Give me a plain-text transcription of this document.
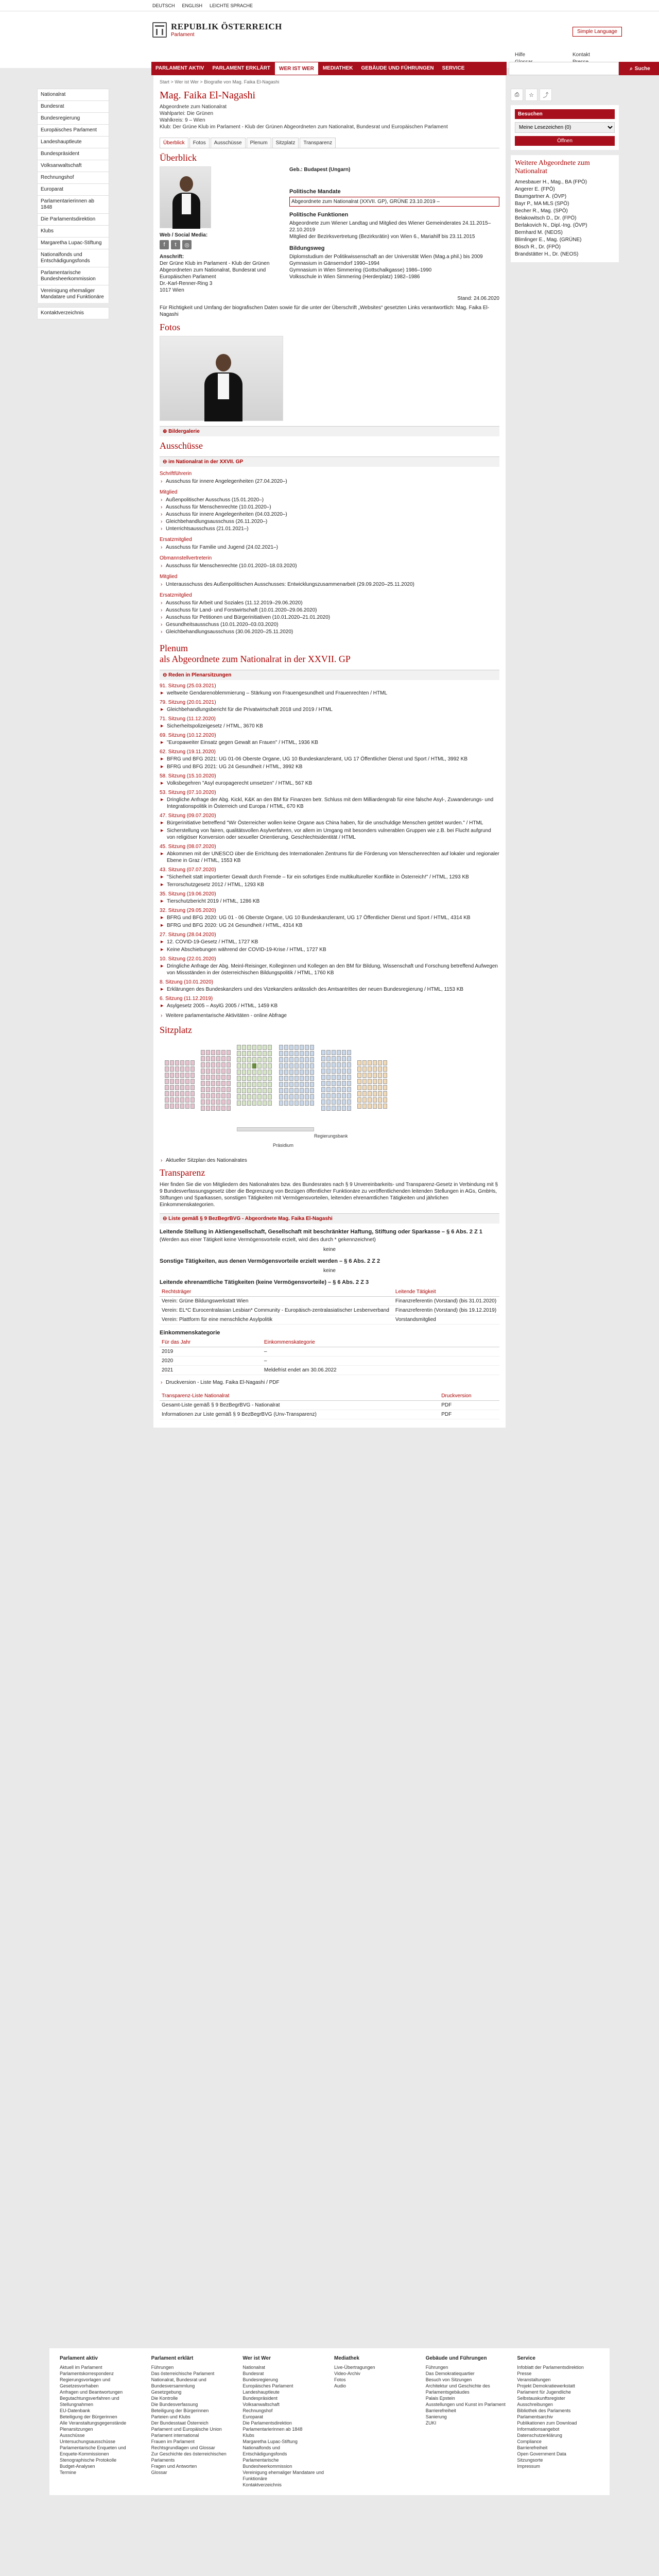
DEUTSCH ENGLISH LEICHTE SPRACHE
REPUBLIK ÖSTERREICH
Parlament
Simple Language
Hilfe	Kontakt
PARLAMENT AKTIV	PARLAMENT ERKLÄRT	WER IST WER	MEDIATHEK	GEBÄUDE UND FÜHRUNGEN	SERVICE	⌕ Suche
Nationalrat
Bundesrat
Bundesregierung
Europäisches Parlament
Landeshauptleute
Bundespräsident
Volksanwaltschaft
Rechnungshof
Europarat
Parlamentarierinnen ab 1848
Die Parlamentsdirektion
Klubs
Margaretha Lupac-Stiftung
Nationalfonds und Entschädigungsfonds
Parlamentarische Bundesheerkommission
Vereinigung ehemaliger Mandatare und Funktionäre
Kontaktverzeichnis
Start > Wer ist Wer > Biografie von Mag. Faika El-Nagashi
Mag. Faika El-Nagashi
Abgeordnete zum Nationalrat
Wahlpartei: Die Grünen
Wahlkreis: 9 – Wien
Klub: Der Grüne Klub im Parlament - Klub der Grünen Abgeordneten zum Nationalrat, Bundesrat und Europäischen Parlament
Überblick	Fotos	Ausschüsse	Plenum	Sitzplatz	Transparenz
Überblick
Web / Social Media:
f	t	◎
Anschrift:
Der Grüne Klub im Parlament - Klub der Grünen Abgeordneten zum Nationalrat, Bundesrat und Europäischen Parlament
Dr.-Karl-Renner-Ring 3
1017 Wien
Geb.: Budapest (Ungarn)
Politische Mandate
Abgeordnete zum Nationalrat (XXVII. GP), GRÜNE 23.10.2019 –
Politische Funktionen
Abgeordnete zum Wiener Landtag und Mitglied des Wiener Gemeinderates 24.11.2015–22.10.2019
Mitglied der Bezirksvertretung (Bezirksrätin) von Wien 6., Mariahilf bis 23.11.2015
Bildungsweg
Diplomstudium der Politikwissenschaft an der Universität Wien (Mag.a phil.) bis 2009
Gymnasium in Gänserndorf 1990–1994
Gymnasium in Wien Simmering (Gottschalkgasse) 1986–1990
Volksschule in Wien Simmering (Herderplatz) 1982–1986
Stand: 24.06.2020
Für Richtigkeit und Umfang der biografischen Daten sowie für die unter der Überschrift „Websites“ gesetzten Links verantwortlich: Mag. Faika El-Nagashi
Fotos
⊕ Bildergalerie
Ausschüsse
⊖ im Nationalrat in der XXVII. GP
Schriftführerin
› Ausschuss für innere Angelegenheiten (27.04.2020–)
Mitglied
› Außenpolitischer Ausschuss (15.01.2020–)
› Ausschuss für Menschenrechte (10.01.2020–)
› Ausschuss für innere Angelegenheiten (04.03.2020–)
› Gleichbehandlungsausschuss (26.11.2020–)
› Unterrichtsausschuss (21.01.2021–)
Ersatzmitglied
› Ausschuss für Familie und Jugend (24.02.2021–)
Obmannstellvertreterin
› Ausschuss für Menschenrechte (10.01.2020–18.03.2020)
Mitglied
› Unterausschuss des Außenpolitischen Ausschusses: Entwicklungszusammenarbeit (29.09.2020–25.11.2020)
Ersatzmitglied
› Ausschuss für Arbeit und Soziales (11.12.2019–29.06.2020)
› Ausschuss für Land- und Forstwirtschaft (10.01.2020–29.06.2020)
› Ausschuss für Petitionen und Bürgerinitiativen (10.01.2020–21.01.2020)
› Gesundheitsausschuss (10.01.2020–03.03.2020)
› Gleichbehandlungsausschuss (30.06.2020–25.11.2020)
Plenum
als Abgeordnete zum Nationalrat in der XXVII. GP
⊖ Reden in Plenarsitzungen
91. Sitzung (25.03.2021)
▶ weltweite Gendarenoblemmierung – Stärkung von Frauengesundheit und Frauenrechten / HTML
79. Sitzung (20.01.2021)
▶ Gleichbehandlungsbericht für die Privatwirtschaft 2018 und 2019 / HTML
71. Sitzung (11.12.2020)
▶ Sicherheitspolizeigesetz / HTML, 3670 KB
69. Sitzung (10.12.2020)
▶ "Europaweiter Einsatz gegen Gewalt an Frauen" / HTML, 1936 KB
62. Sitzung (19.11.2020)
▶ BFRG und BFG 2021: UG 01-06 Oberste Organe, UG 10 Bundeskanzleramt, UG 17 Öffentlicher Dienst und Sport / HTML, 3992 KB
▶ BFRG und BFG 2021: UG 24 Gesundheit / HTML, 3992 KB
58. Sitzung (15.10.2020)
▶ Volksbegehren "Asyl europagerecht umsetzen" / HTML, 567 KB
53. Sitzung (07.10.2020)
▶ Dringliche Anfrage der Abg. Kickl, K&K an den BM für Finanzen betr. Schluss mit dem Milliardengrab für eine falsche Asyl-, Zuwanderungs- und Integrationspolitik in Österreich und Europa / HTML, 670 KB
47. Sitzung (09.07.2020)
▶ Bürgerinitiative betreffend "Wir Österreicher wollen keine Organe aus China haben, für die unschuldige Menschen getötet wurden." / HTML
▶ Sicherstellung von fairen, qualitätsvollen Asylverfahren, vor allem im Umgang mit besonders vulnerablen Gruppen wie z.B. bei Flucht aufgrund von religiöser Konversion oder sexueller Orientierung, Geschlechtsidentität / HTML
45. Sitzung (08.07.2020)
▶ Abkommen mit der UNESCO über die Errichtung des Internationalen Zentrums für die Förderung von Menschenrechten auf lokaler und regionaler Ebene in Graz / HTML, 1553 KB
43. Sitzung (07.07.2020)
▶ "Sicherheit statt importierter Gewalt durch Fremde – für ein sofortiges Ende multikultureller Konflikte in Österreich!" / HTML, 1293 KB
▶ Terrorschutzgesetz 2012 / HTML, 1293 KB
35. Sitzung (19.06.2020)
▶ Tierschutzbericht 2019 / HTML, 1286 KB
32. Sitzung (29.05.2020)
▶ BFRG und BFG 2020: UG 01 - 06 Oberste Organe, UG 10 Bundeskanzleramt, UG 17 Öffentlicher Dienst und Sport / HTML, 4314 KB
▶ BFRG und BFG 2020: UG 24 Gesundheit / HTML, 4314 KB
27. Sitzung (28.04.2020)
▶ 12. COVID-19-Gesetz / HTML, 1727 KB
▶ Keine Abschiebungen während der COVID-19-Krise / HTML, 1727 KB
10. Sitzung (22.01.2020)
▶ Dringliche Anfrage der Abg. Meinl-Reisinger, Kolleginnen und Kollegen an den BM für Bildung, Wissenschaft und Forschung betreffend Aufwegen von Missständen in der österreichischen Bildungspolitik / HTML, 1760 KB
8. Sitzung (10.01.2020)
▶ Erklärungen des Bundeskanzlers und des Vizekanzlers anlässlich des Amtsantrittes der neuen Bundesregierung / HTML, 1153 KB
6. Sitzung (11.12.2019)
▶ Asylgesetz 2005 – AsylG 2005 / HTML, 1459 KB
› Weitere parlamentarische Aktivitäten - online Abfrage
Sitzplatz
Regierungsbank
Präsidium
› Aktueller Sitzplan des Nationalrates
Transparenz
Hier finden Sie die von Mitgliedern des Nationalrates bzw. des Bundesrates nach § 9 Unvereinbarkeits- und Transparenz-Gesetz in Verbindung mit § 9 Bundesverfassungsgesetz über die Begrenzung von Bezügen öffentlicher Funktionäre zu veröffentlichenden leitenden Stellungen in AGs, GmbHs, Stiftungen und Sparkassen, sonstigen Tätigkeiten mit Vermögensvorteilen, leitenden ehrenamtlichen Tätigkeiten und jährlichen Einkommenskategorien.
⊖ Liste gemäß § 9 BezBegrBVG - Abgeordnete Mag. Faika El-Nagashi
Leitende Stellung in Aktiengesellschaft, Gesellschaft mit beschränkter Haftung, Stiftung oder Sparkasse – § 6 Abs. 2 Z 1
(Werden aus einer Tätigkeit keine Vermögensvorteile erzielt, wird dies durch * gekennzeichnet)
keine
Sonstige Tätigkeiten, aus denen Vermögensvorteile erzielt werden – § 6 Abs. 2 Z 2
keine
Leitende ehrenamtliche Tätigkeiten (keine Vermögensvorteile) – § 6 Abs. 2 Z 3
Rechtsträger	Leitende Tätigkeit
Verein: Grüne Bildungswerkstatt Wien	Finanzreferentin (Vorstand) (bis 31.01.2020)
Verein: EL*C Eurocentralasian Lesbian* Community - Europäisch-zentralasiatischer Lesbenverband	Finanzreferentin (Vorstand) (bis 19.12.2019)
Verein: Plattform für eine menschliche Asylpolitik	Vorstandsmitglied
Einkommenskategorie
Für das Jahr	Einkommenskategorie
2019	–
2020	–
2021	Meldefrist endet am 30.06.2022
› Druckversion - Liste Mag. Faika El-Nagashi / PDF
Transparenz-Liste Nationalrat	Druckversion
Gesamt-Liste gemäß § 9 BezBegrBVG - Nationalrat	PDF
Informationen zur Liste gemäß § 9 BezBegrBVG (Unv-Transparenz)	PDF
⎙	☆	⤴
Besuchen
Meine Lesezeichen (0)
Öffnen
Weitere Abgeordnete zum Nationalrat
Amesbauer H., Mag., BA (FPÖ)
Angerer E. (FPÖ)
Baumgartner A. (ÖVP)
Bayr P., MA MLS (SPÖ)
Becher R., Mag. (SPÖ)
Belakowitsch D., Dr. (FPÖ)
Berlakovich N., Dipl.-Ing. (ÖVP)
Bernhard M. (NEOS)
Blimlinger E., Mag. (GRÜNE)
Bösch R., Dr. (FPÖ)
Brandstätter H., Dr. (NEOS)
Parlament aktiv
Aktuell im Parlament
Parlamentskorrespondenz
Regierungsvorlagen und Gesetzesvorhaben
Anfragen und Beantwortungen
Begutachtungsverfahren und Stellungnahmen
EU-Datenbank
Beteiligung der Bürgerinnen
Alle Veranstaltungsgegenstände
Plenarsitzungen
Ausschüsse
Untersuchungsausschüsse
Parlamentarische Enqueten und Enquete-Kommissionen
Stenographische Protokolle
Budget-Analysen
Termine
Parlament erklärt
Führungen
Das österreichische Parlament
Nationalrat, Bundesrat und Bundesversammlung
Gesetzgebung
Die Kontrolle
Die Bundesverfassung
Beteiligung der Bürgerinnen
Parteien und Klubs
Der Bundesstaat Österreich
Parlament und Europäische Union
Parlament international
Frauen im Parlament
Rechtsgrundlagen und Glossar
Zur Geschichte des österreichischen Parlaments
Fragen und Antworten
Glossar
Wer ist Wer
Nationalrat
Bundesrat
Bundesregierung
Europäisches Parlament
Landeshauptleute
Bundespräsident
Volksanwaltschaft
Rechnungshof
Europarat
Die Parlamentsdirektion
Parlamentarierinnen ab 1848
Klubs
Margaretha Lupac-Stiftung
Nationalfonds und Entschädigungsfonds
Parlamentarische Bundesheerkommission
Vereinigung ehemaliger Mandatare und Funktionäre
Kontaktverzeichnis
Mediathek
Live-Übertragungen
Video-Archiv
Fotos
Audio
Gebäude und Führungen
Führungen
Das Demokratiequartier
Besuch von Sitzungen
Architektur und Geschichte des Parlamentsgebäudes
Palais Epstein
Ausstellungen und Kunst im Parlament
Barrierefreiheit
Sanierung
ZUKI
Service
Infoblatt der Parlamentsdirektion
Presse
Veranstaltungen
Projekt Demokratiewerkstatt
Parlament für Jugendliche
Selbstauskunftsregister
Ausschreibungen
Bibliothek des Parlaments
Parlamentsarchiv
Publikationen zum Download
Informationsangebot
Datenschutzerklärung
Compliance
Barrierefreiheit
Open Government Data
Sitzungsorte
Impressum
